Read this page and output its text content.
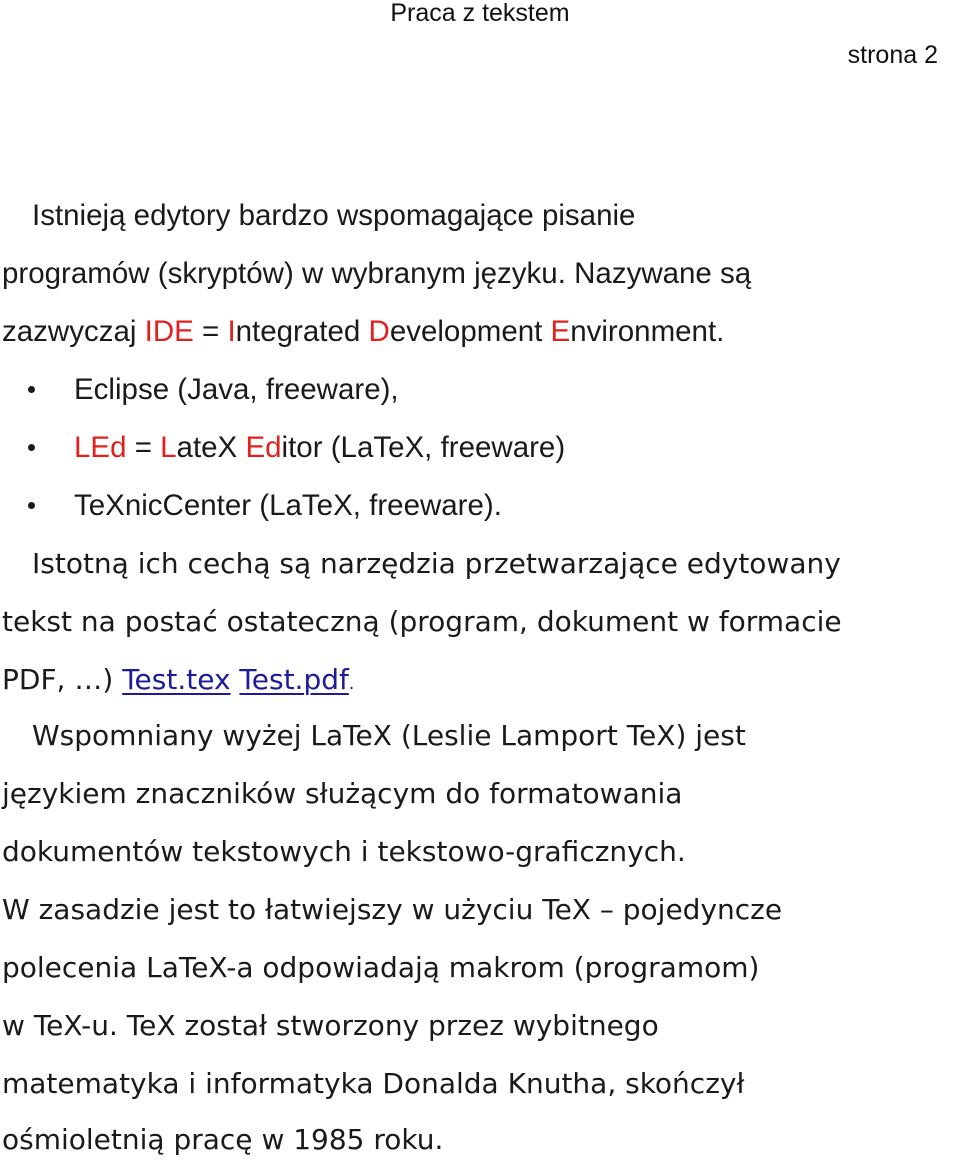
Praca z tekstem
strona 2
Istnieją edytory bardzo wspomagające pisanie
programów (skryptów) w wybranym języku. Nazywane są
zazwyczaj IDE = Integrated Development Environment.
Eclipse (Java, freeware),
LEd = LateX Editor (LaTeX, freeware)
TeXnicCenter (LaTeX, freeware).
Istotną ich cechą są narzędzia przetwarzające edytowany
tekst na postać ostateczną (program, dokument w formacie
PDF, …) Test.tex Test.pdf.
Wspomniany wyżej LaTeX (Leslie Lamport TeX) jest
językiem znaczników służącym do formatowania
dokumentów tekstowych i tekstowo-graficznych.
W zasadzie jest to łatwiejszy w użyciu TeX – pojedyncze
polecenia LaTeX-a odpowiadają makrom (programom)
w TeX-u. TeX został stworzony przez wybitnego
matematyka i informatyka Donalda Knutha, skończył
ośmioletnią pracę w 1985 roku.
